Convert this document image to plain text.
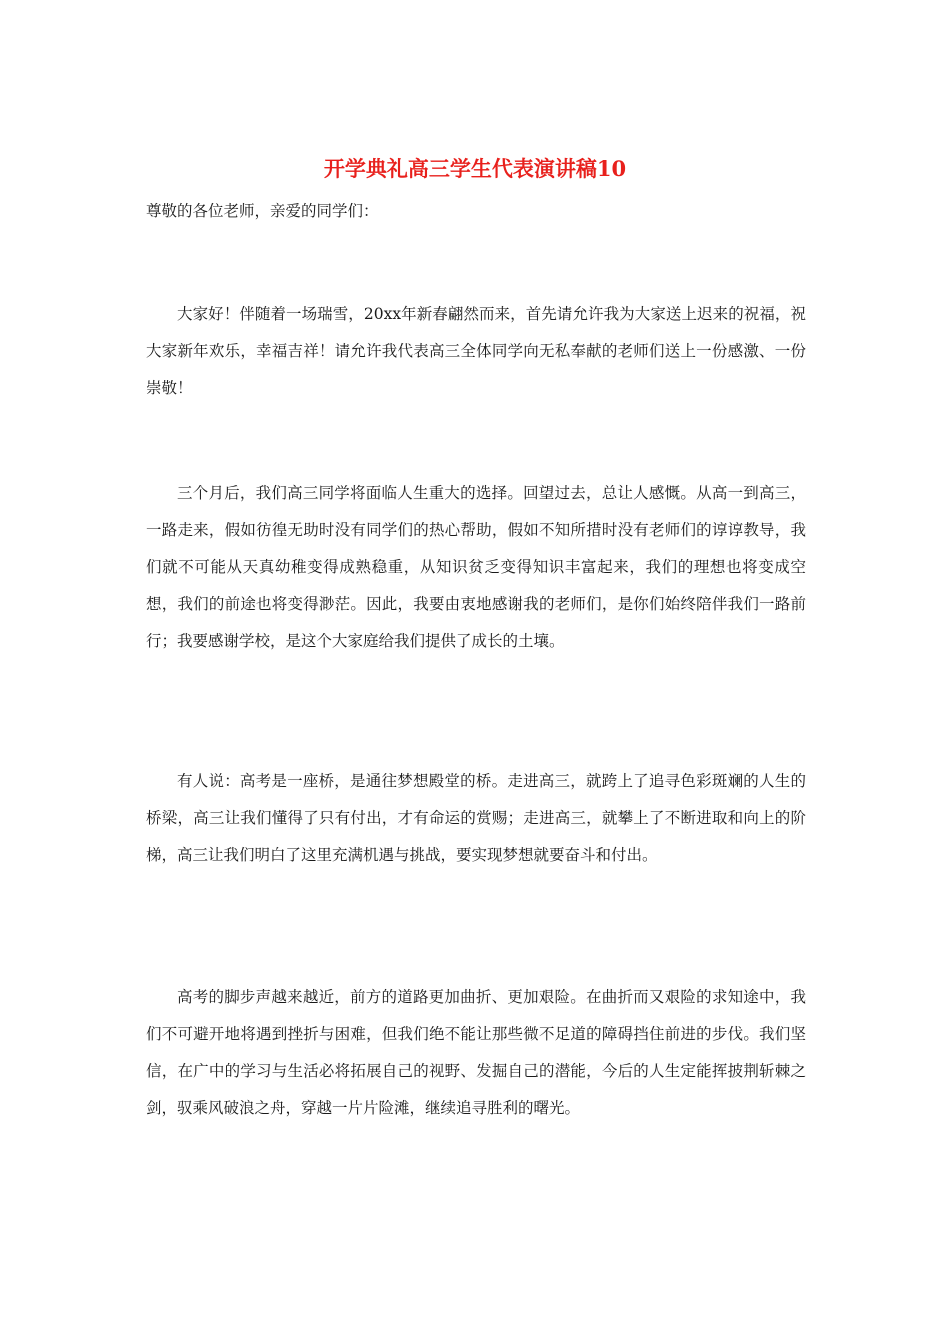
开学典礼高三学生代表演讲稿10

尊敬的各位老师，亲爱的同学们：

大家好！伴随着一场瑞雪，20xx年新春翩然而来，首先请允许我为大家送上迟来的祝福，祝大家新年欢乐，幸福吉祥！请允许我代表高三全体同学向无私奉献的老师们送上一份感激、一份崇敬！

三个月后，我们高三同学将面临人生重大的选择。回望过去，总让人感慨。从高一到高三，一路走来，假如彷徨无助时没有同学们的热心帮助，假如不知所措时没有老师们的谆谆教导，我们就不可能从天真幼稚变得成熟稳重，从知识贫乏变得知识丰富起来，我们的理想也将变成空想，我们的前途也将变得渺茫。因此，我要由衷地感谢我的老师们，是你们始终陪伴我们一路前行；我要感谢学校，是这个大家庭给我们提供了成长的土壤。

有人说：高考是一座桥，是通往梦想殿堂的桥。走进高三，就跨上了追寻色彩斑斓的人生的桥梁，高三让我们懂得了只有付出，才有命运的赏赐；走进高三，就攀上了不断进取和向上的阶梯，高三让我们明白了这里充满机遇与挑战，要实现梦想就要奋斗和付出。

高考的脚步声越来越近，前方的道路更加曲折、更加艰险。在曲折而又艰险的求知途中，我们不可避开地将遇到挫折与困难，但我们绝不能让那些微不足道的障碍挡住前进的步伐。我们坚信，在广中的学习与生活必将拓展自己的视野、发掘自己的潜能，今后的人生定能挥披荆斩棘之剑，驭乘风破浪之舟，穿越一片片险滩，继续追寻胜利的曙光。
